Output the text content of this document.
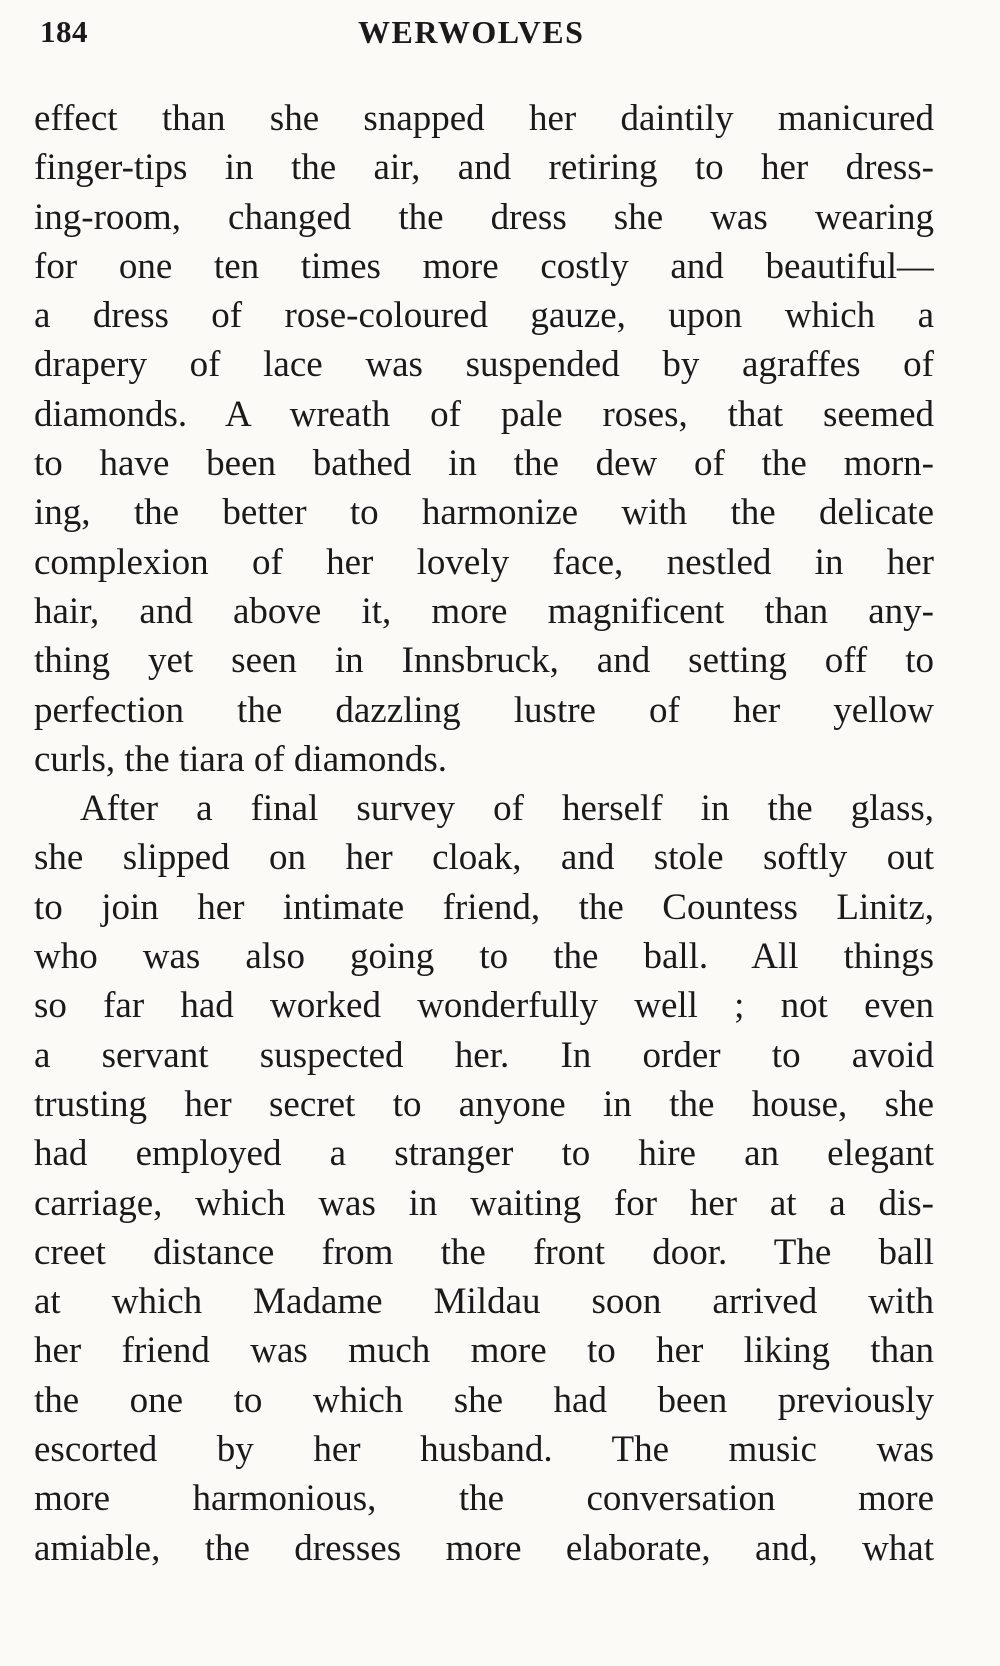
184	WERWOLVES
effect than she snapped her daintily manicured
finger-tips in the air, and retiring to her dress-
ing-room, changed the dress she was wearing
for one ten times more costly and beautiful—
a dress of rose-coloured gauze, upon which a
drapery of lace was suspended by agraffes of
diamonds. A wreath of pale roses, that seemed
to have been bathed in the dew of the morn-
ing, the better to harmonize with the delicate
complexion of her lovely face, nestled in her
hair, and above it, more magnificent than any-
thing yet seen in Innsbruck, and setting off to
perfection the dazzling lustre of her yellow
curls, the tiara of diamonds.
After a final survey of herself in the glass,
she slipped on her cloak, and stole softly out
to join her intimate friend, the Countess Linitz,
who was also going to the ball. All things
so far had worked wonderfully well ; not even
a servant suspected her. In order to avoid
trusting her secret to anyone in the house, she
had employed a stranger to hire an elegant
carriage, which was in waiting for her at a dis-
creet distance from the front door. The ball
at which Madame Mildau soon arrived with
her friend was much more to her liking than
the one to which she had been previously
escorted by her husband. The music was
more harmonious, the conversation more
amiable, the dresses more elaborate, and, what
